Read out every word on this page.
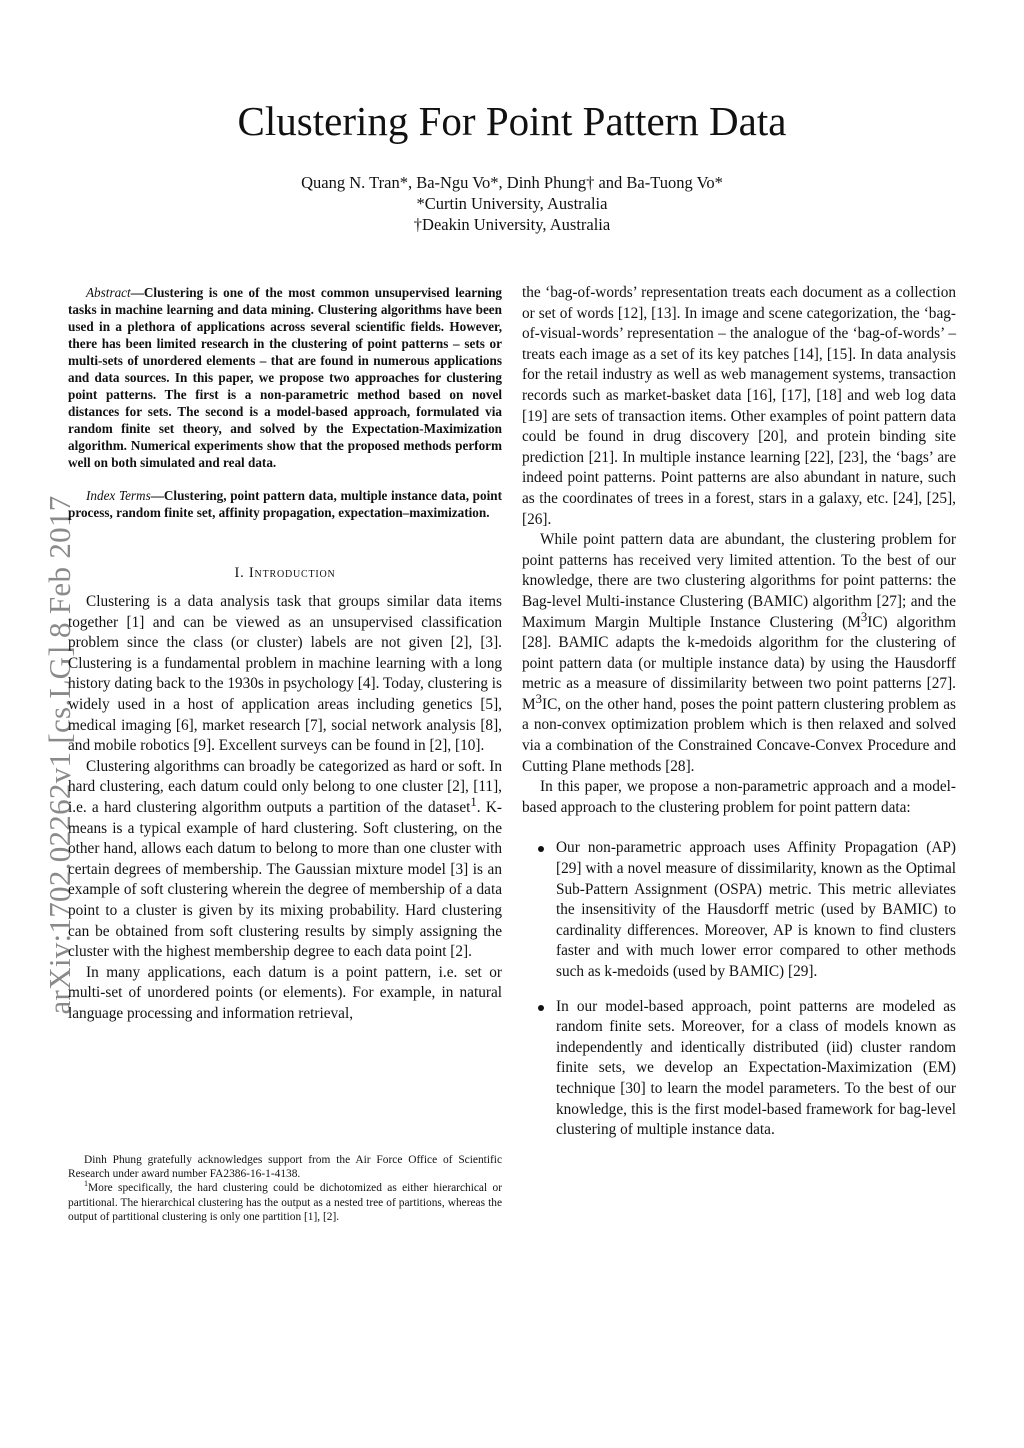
arXiv:1702.02262v1 [cs.LG] 8 Feb 2017
Clustering For Point Pattern Data
Quang N. Tran*, Ba-Ngu Vo*, Dinh Phung† and Ba-Tuong Vo*
*Curtin University, Australia
†Deakin University, Australia

Abstract—Clustering is one of the most common unsupervised learning tasks in machine learning and data mining. Clustering algorithms have been used in a plethora of applications across several scientific fields. However, there has been limited research in the clustering of point patterns – sets or multi-sets of unordered elements – that are found in numerous applications and data sources. In this paper, we propose two approaches for clustering point patterns. The first is a non-parametric method based on novel distances for sets. The second is a model-based approach, formulated via random finite set theory, and solved by the Expectation-Maximization algorithm. Numerical experiments show that the proposed methods perform well on both simulated and real data.

Index Terms—Clustering, point pattern data, multiple instance data, point process, random finite set, affinity propagation, expectation–maximization.

I. Introduction

Clustering is a data analysis task that groups similar data items together [1] and can be viewed as an unsupervised classification problem since the class (or cluster) labels are not given [2], [3]. Clustering is a fundamental problem in machine learning with a long history dating back to the 1930s in psychology [4]. Today, clustering is widely used in a host of application areas including genetics [5], medical imaging [6], market research [7], social network analysis [8], and mobile robotics [9]. Excellent surveys can be found in [2], [10].

Clustering algorithms can broadly be categorized as hard or soft. In hard clustering, each datum could only belong to one cluster [2], [11], i.e. a hard clustering algorithm outputs a partition of the dataset$^1$. K-means is a typical example of hard clustering. Soft clustering, on the other hand, allows each datum to belong to more than one cluster with certain degrees of membership. The Gaussian mixture model [3] is an example of soft clustering wherein the degree of membership of a data point to a cluster is given by its mixing probability. Hard clustering can be obtained from soft clustering results by simply assigning the cluster with the highest membership degree to each data point [2].

In many applications, each datum is a point pattern, i.e. set or multi-set of unordered points (or elements). For example, in natural language processing and information retrieval,

Dinh Phung gratefully acknowledges support from the Air Force Office of Scientific Research under award number FA2386-16-1-4138.

$^1$More specifically, the hard clustering could be dichotomized as either hierarchical or partitional. The hierarchical clustering has the output as a nested tree of partitions, whereas the output of partitional clustering is only one partition [1], [2].

the ‘bag-of-words’ representation treats each document as a collection or set of words [12], [13]. In image and scene categorization, the ‘bag-of-visual-words’ representation – the analogue of the ‘bag-of-words’ – treats each image as a set of its key patches [14], [15]. In data analysis for the retail industry as well as web management systems, transaction records such as market-basket data [16], [17], [18] and web log data [19] are sets of transaction items. Other examples of point pattern data could be found in drug discovery [20], and protein binding site prediction [21]. In multiple instance learning [22], [23], the ‘bags’ are indeed point patterns. Point patterns are also abundant in nature, such as the coordinates of trees in a forest, stars in a galaxy, etc. [24], [25], [26].

While point pattern data are abundant, the clustering problem for point patterns has received very limited attention. To the best of our knowledge, there are two clustering algorithms for point patterns: the Bag-level Multi-instance Clustering (BAMIC) algorithm [27]; and the Maximum Margin Multiple Instance Clustering $(M^3IC)$ algorithm [28]. BAMIC adapts the k-medoids algorithm for the clustering of point pattern data (or multiple instance data) by using the Hausdorff metric as a measure of dissimilarity between two point patterns [27]. $M^3IC$, on the other hand, poses the point pattern clustering problem as a non-convex optimization problem which is then relaxed and solved via a combination of the Constrained Concave-Convex Procedure and Cutting Plane methods [28].

In this paper, we propose a non-parametric approach and a model-based approach to the clustering problem for point pattern data:

Our non-parametric approach uses Affinity Propagation (AP) [29] with a novel measure of dissimilarity, known as the Optimal Sub-Pattern Assignment (OSPA) metric. This metric alleviates the insensitivity of the Hausdorff metric (used by BAMIC) to cardinality differences. Moreover, AP is known to find clusters faster and with much lower error compared to other methods such as k-medoids (used by BAMIC) [29].
In our model-based approach, point patterns are modeled as random finite sets. Moreover, for a class of models known as independently and identically distributed (iid) cluster random finite sets, we develop an Expectation-Maximization (EM) technique [30] to learn the model parameters. To the best of our knowledge, this is the first model-based framework for bag-level clustering of multiple instance data.
